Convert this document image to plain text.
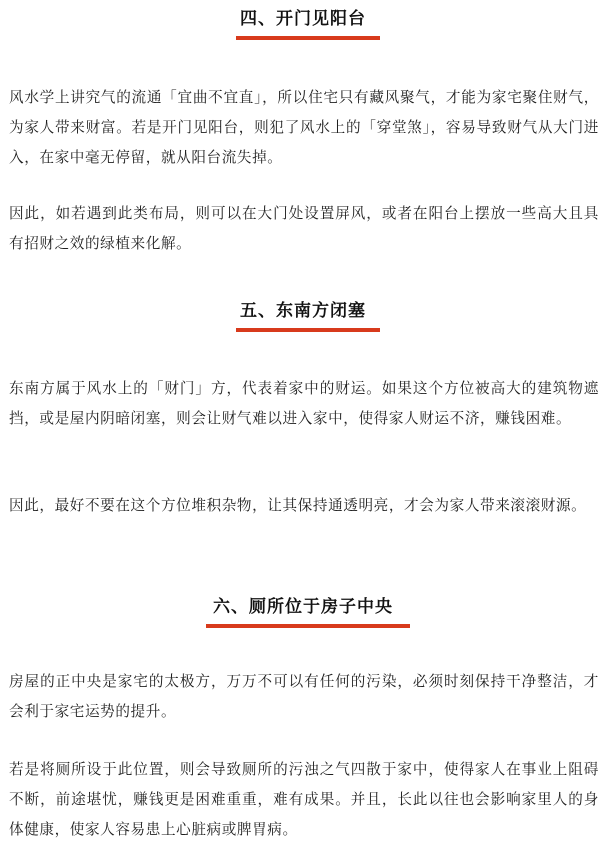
四、开门见阳台

风水学上讲究气的流通「宜曲不宜直」，所以住宅只有藏风聚气，才能为家宅聚住财气，为家人带来财富。若是开门见阳台，则犯了风水上的「穿堂煞」，容易导致财气从大门进入，在家中毫无停留，就从阳台流失掉。

因此，如若遇到此类布局，则可以在大门处设置屏风，或者在阳台上摆放一些高大且具有招财之效的绿植来化解。

五、东南方闭塞

东南方属于风水上的「财门」方，代表着家中的财运。如果这个方位被高大的建筑物遮挡，或是屋内阴暗闭塞，则会让财气难以进入家中，使得家人财运不济，赚钱困难。

因此，最好不要在这个方位堆积杂物，让其保持通透明亮，才会为家人带来滚滚财源。

六、厕所位于房子中央

房屋的正中央是家宅的太极方，万万不可以有任何的污染，必须时刻保持干净整洁，才会利于家宅运势的提升。

若是将厕所设于此位置，则会导致厕所的污浊之气四散于家中，使得家人在事业上阻碍不断，前途堪忧，赚钱更是困难重重，难有成果。并且，长此以往也会影响家里人的身体健康，使家人容易患上心脏病或脾胃病。
